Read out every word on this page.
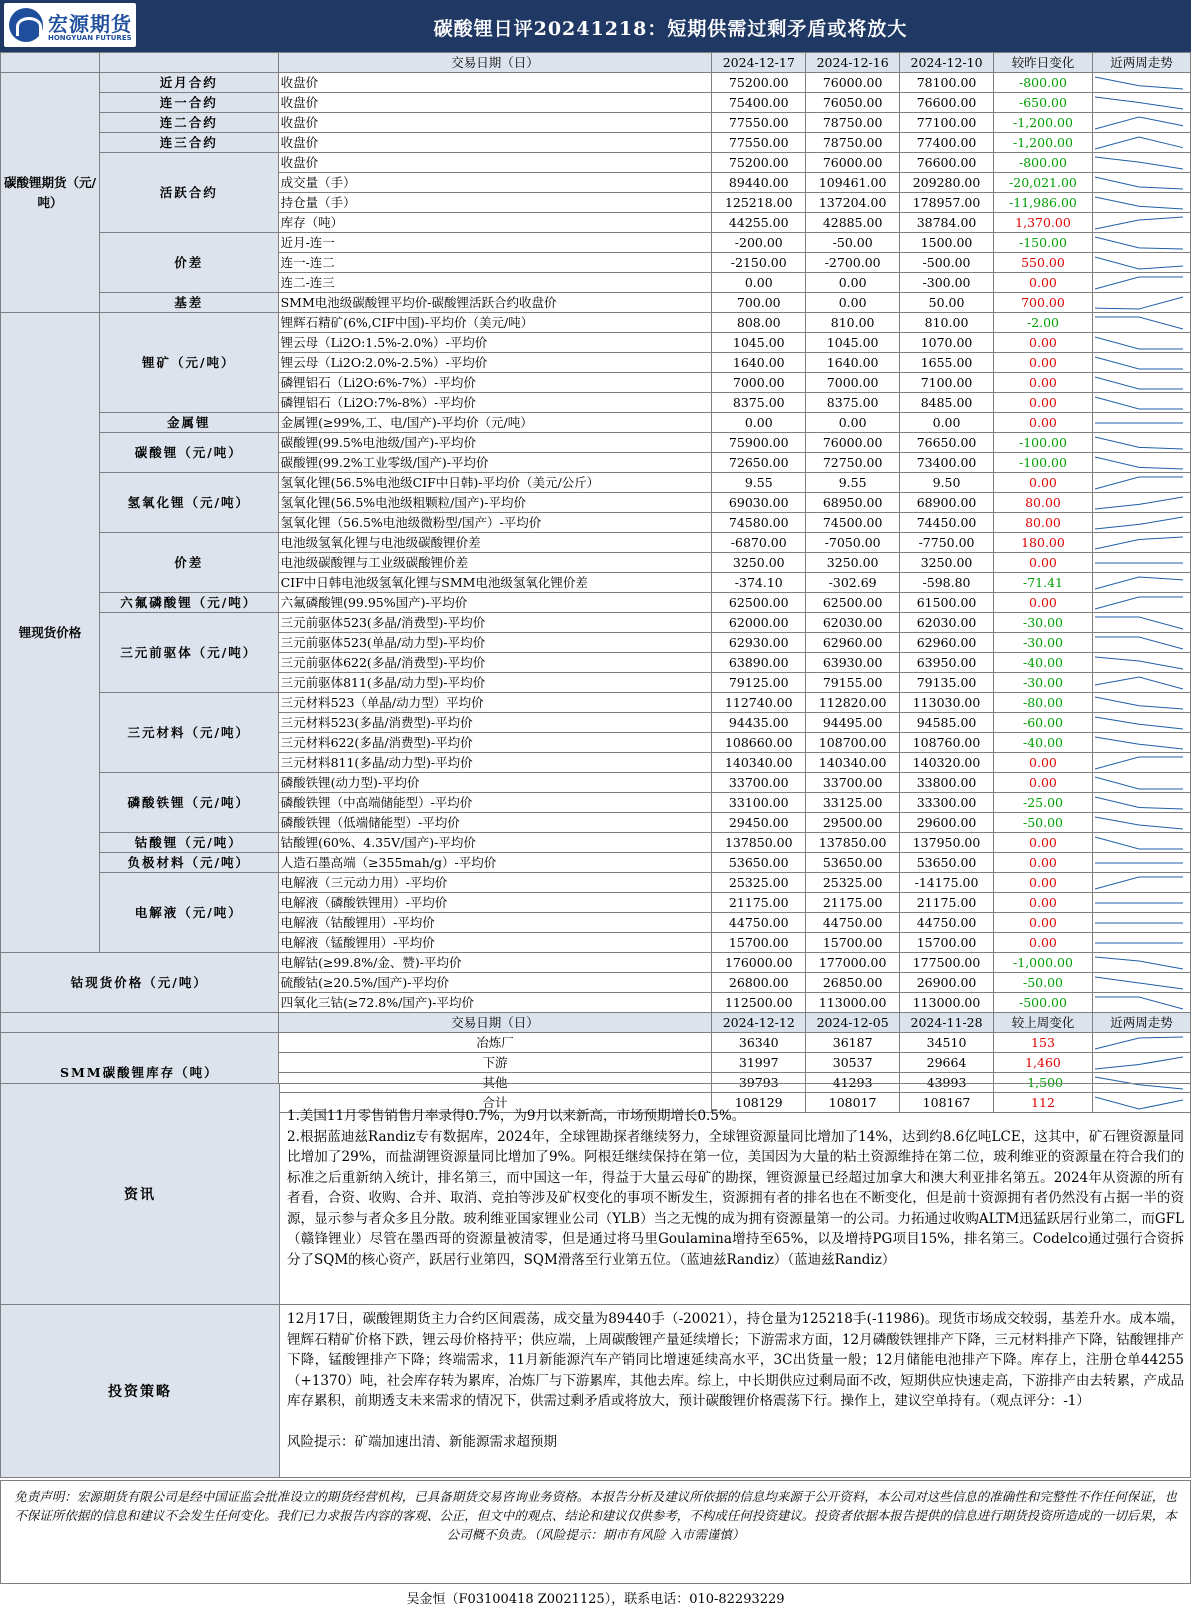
宏源期货
HONGYUAN FUTURES	碳酸锂日评20241218：短期供需过剩矛盾或将放大
		交易日期（日）	2024-12-17	2024-12-16	2024-12-10	较昨日变化	近两周走势
碳酸锂期货（元/吨）	近月合约	收盘价	75200.00	76000.00	78100.00	-800.00	

	连一合约	收盘价	75400.00	76050.00	76600.00	-650.00	

	连二合约	收盘价	77550.00	78750.00	77100.00	-1,200.00	

	连三合约	收盘价	77550.00	78750.00	77400.00	-1,200.00	

	活跃合约	收盘价	75200.00	76000.00	76600.00	-800.00	

		成交量（手）	89440.00	109461.00	209280.00	-20,021.00	

		持仓量（手）	125218.00	137204.00	178957.00	-11,986.00	

		库存（吨）	44255.00	42885.00	38784.00	1,370.00	

	价差	近月-连一	-200.00	-50.00	1500.00	-150.00	

		连一-连二	-2150.00	-2700.00	-500.00	550.00	

		连二-连三	0.00	0.00	-300.00	0.00	

	基差	SMM电池级碳酸锂平均价-碳酸锂活跃合约收盘价	700.00	0.00	50.00	700.00	

锂现货价格	锂矿（元/吨）	锂辉石精矿(6%,CIF中国)-平均价（美元/吨）	808.00	810.00	810.00	-2.00	

		锂云母（Li2O:1.5%-2.0%）-平均价	1045.00	1045.00	1070.00	0.00	

		锂云母（Li2O:2.0%-2.5%）-平均价	1640.00	1640.00	1655.00	0.00	

		磷锂铝石（Li2O:6%-7%）-平均价	7000.00	7000.00	7100.00	0.00	

		磷锂铝石（Li2O:7%-8%）-平均价	8375.00	8375.00	8485.00	0.00	

	金属锂	金属锂(≥99%,工、电/国产)-平均价（元/吨）	0.00	0.00	0.00	0.00	

	碳酸锂（元/吨）	碳酸锂(99.5%电池级/国产)-平均价	75900.00	76000.00	76650.00	-100.00	

		碳酸锂(99.2%工业零级/国产)-平均价	72650.00	72750.00	73400.00	-100.00	

	氢氧化锂（元/吨）	氢氧化锂(56.5%电池级CIF中日韩)-平均价（美元/公斤）	9.55	9.55	9.50	0.00	

		氢氧化锂(56.5%电池级粗颗粒/国产)-平均价	69030.00	68950.00	68900.00	80.00	

		氢氧化锂（56.5%电池级微粉型/国产）-平均价	74580.00	74500.00	74450.00	80.00	

	价差	电池级氢氧化锂与电池级碳酸锂价差	-6870.00	-7050.00	-7750.00	180.00	

		电池级碳酸锂与工业级碳酸锂价差	3250.00	3250.00	3250.00	0.00	

		CIF中日韩电池级氢氧化锂与SMM电池级氢氧化锂价差	-374.10	-302.69	-598.80	-71.41	

	六氟磷酸锂（元/吨）	六氟磷酸锂(99.95%国产)-平均价	62500.00	62500.00	61500.00	0.00	

	三元前驱体（元/吨）	三元前驱体523(多晶/消费型)-平均价	62000.00	62030.00	62030.00	-30.00	

		三元前驱体523(单晶/动力型)-平均价	62930.00	62960.00	62960.00	-30.00	

		三元前驱体622(多晶/消费型)-平均价	63890.00	63930.00	63950.00	-40.00	

		三元前驱体811(多晶/动力型)-平均价	79125.00	79155.00	79135.00	-30.00	

	三元材料（元/吨）	三元材料523（单晶/动力型）平均价	112740.00	112820.00	113030.00	-80.00	

		三元材料523(多晶/消费型)-平均价	94435.00	94495.00	94585.00	-60.00	

		三元材料622(多晶/消费型)-平均价	108660.00	108700.00	108760.00	-40.00	

		三元材料811(多晶/动力型)-平均价	140340.00	140340.00	140320.00	0.00	

	磷酸铁锂（元/吨）	磷酸铁锂(动力型)-平均价	33700.00	33700.00	33800.00	0.00	

		磷酸铁锂（中高端储能型）-平均价	33100.00	33125.00	33300.00	-25.00	

		磷酸铁锂（低端储能型）-平均价	29450.00	29500.00	29600.00	-50.00	

	钴酸锂（元/吨）	钴酸锂(60%、4.35V/国产)-平均价	137850.00	137850.00	137950.00	0.00	

	负极材料（元/吨）	人造石墨高端（≥355mah/g）-平均价	53650.00	53650.00	53650.00	0.00	

	电解液（元/吨）	电解液（三元动力用）-平均价	25325.00	25325.00	-14175.00	0.00	

		电解液（磷酸铁锂用）-平均价	21175.00	21175.00	21175.00	0.00	

		电解液（钴酸锂用）-平均价	44750.00	44750.00	44750.00	0.00	

		电解液（锰酸锂用）-平均价	15700.00	15700.00	15700.00	0.00	

钴现货价格（元/吨）		电解钴(≥99.8%/金、赞)-平均价	176000.00	177000.00	177500.00	-1,000.00	

		硫酸钴(≥20.5%/国产)-平均价	26800.00	26850.00	26900.00	-50.00	

		四氧化三钴(≥72.8%/国产)-平均价	112500.00	113000.00	113000.00	-500.00	

		交易日期（日）	2024-12-12	2024-12-05	2024-11-28	较上周变化	近两周走势
SMM碳酸锂库存（吨）		冶炼厂	36340	36187	34510	153	

		下游	31997	30537	29664	1,460	

		其他	39793	41293	43993	-1,500	

		合计	108129	108017	108167	112	
资讯
1.美国11月零售销售月率录得0.7%，为9月以来新高，市场预期增长0.5%。
2.根据蓝迪兹Randiz专有数据库，2024年，全球锂勘探者继续努力，全球锂资源量同比增加了14%，达到约8.6亿吨LCE，这其中，矿石锂资源量同比增加了29%，而盐湖锂资源量同比增加了9%。阿根廷继续保持在第一位，美国因为大量的粘土资源维持在第二位，玻利维亚的资源量在符合我们的标准之后重新纳入统计，排名第三，而中国这一年，得益于大量云母矿的勘探，锂资源量已经超过加拿大和澳大利亚排名第五。2024年从资源的所有者看，合资、收购、合并、取消、竞拍等涉及矿权变化的事项不断发生，资源拥有者的排名也在不断变化，但是前十资源拥有者仍然没有占据一半的资源，显示参与者众多且分散。玻利维亚国家锂业公司（YLB）当之无愧的成为拥有资源量第一的公司。力拓通过收购ALTM迅猛跃居行业第二，而GFL（赣锋锂业）尽管在墨西哥的资源量被清零，但是通过将马里Goulamina增持至65%，以及增持PG项目15%，排名第三。Codelco通过强行合资拆分了SQM的核心资产，跃居行业第四，SQM滑落至行业第五位。（蓝迪兹Randiz）（蓝迪兹Randiz）
投资策略
12月17日，碳酸锂期货主力合约区间震荡，成交量为89440手（-20021），持仓量为125218手(-11986)。现货市场成交较弱，基差升水。成本端，锂辉石精矿价格下跌，锂云母价格持平；供应端，上周碳酸锂产量延续增长；下游需求方面，12月磷酸铁锂排产下降，三元材料排产下降，钴酸锂排产下降，锰酸锂排产下降；终端需求，11月新能源汽车产销同比增速延续高水平，3C出货量一般；12月储能电池排产下降。库存上，注册仓单44255（+1370）吨，社会库存转为累库，冶炼厂与下游累库，其他去库。综上，中长期供应过剩局面不改，短期供应快速走高，下游排产由去转累，产成品库存累积，前期透支未来需求的情况下，供需过剩矛盾或将放大，预计碳酸锂价格震荡下行。操作上，建议空单持有。（观点评分：-1）
风险提示：矿端加速出清、新能源需求超预期
免责声明：宏源期货有限公司是经中国证监会批准设立的期货经营机构，已具备期货交易咨询业务资格。本报告分析及建议所依据的信息均来源于公开资料，本公司对这些信息的准确性和完整性不作任何保证，也不保证所依据的信息和建议不会发生任何变化。我们已力求报告内容的客观、公正，但文中的观点、结论和建议仅供参考，不构成任何投资建议。投资者依据本报告提供的信息进行期货投资所造成的一切后果，本公司概不负责。（风险提示：期市有风险 入市需谨慎）
吴金恒（F03100418 Z0021125），联系电话：010-82293229
